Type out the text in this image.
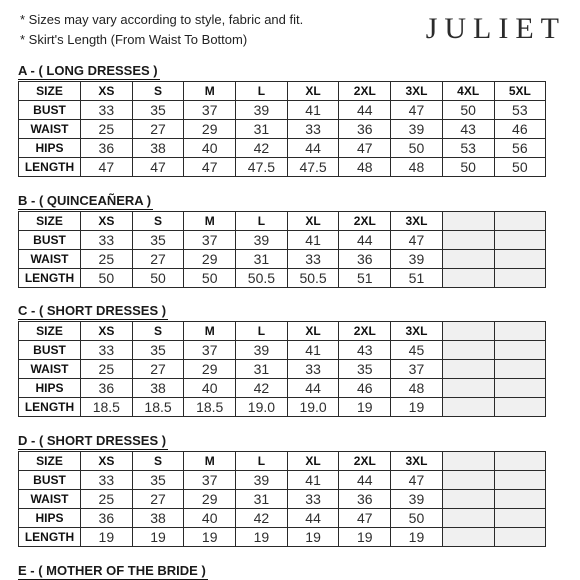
* Sizes may vary according to style, fabric and fit.
* Skirt's Length (From Waist To Bottom)	JULIET
A - ( LONG DRESSES )
SIZE	XS	S	M	L	XL	2XL	3XL	4XL	5XL
BUST	33	35	37	39	41	44	47	50	53
WAIST	25	27	29	31	33	36	39	43	46
HIPS	36	38	40	42	44	47	50	53	56
LENGTH	47	47	47	47.5	47.5	48	48	50	50
B - ( QUINCEAÑERA )
SIZE	XS	S	M	L	XL	2XL	3XL		
BUST	33	35	37	39	41	44	47		
WAIST	25	27	29	31	33	36	39		
LENGTH	50	50	50	50.5	50.5	51	51		
C - ( SHORT DRESSES )
SIZE	XS	S	M	L	XL	2XL	3XL		
BUST	33	35	37	39	41	43	45		
WAIST	25	27	29	31	33	35	37		
HIPS	36	38	40	42	44	46	48		
LENGTH	18.5	18.5	18.5	19.0	19.0	19	19		
D - ( SHORT DRESSES )
SIZE	XS	S	M	L	XL	2XL	3XL		
BUST	33	35	37	39	41	44	47		
WAIST	25	27	29	31	33	36	39		
HIPS	36	38	40	42	44	47	50		
LENGTH	19	19	19	19	19	19	19		
E - ( MOTHER OF THE BRIDE )
